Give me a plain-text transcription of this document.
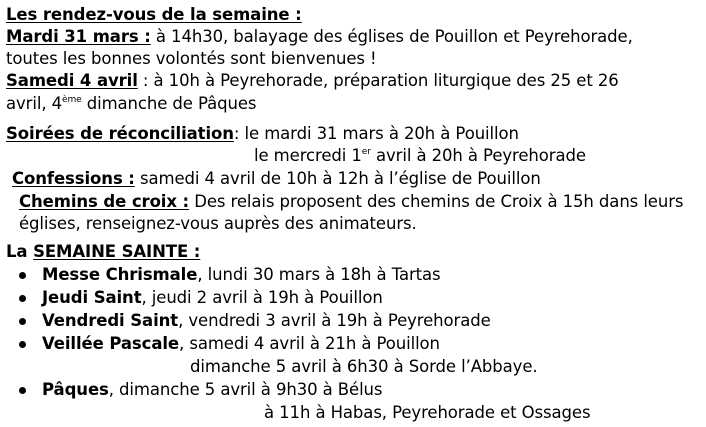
Les rendez-vous de la semaine :
Mardi 31 mars : à 14h30, balayage des églises de Pouillon et Peyrehorade,
toutes les bonnes volontés sont bienvenues !
Samedi 4 avril : à 10h à Peyrehorade, préparation liturgique des 25 et 26
avril, 4ème dimanche de Pâques
Soirées de réconciliation: le mardi 31 mars à 20h à Pouillon
le mercredi 1er avril à 20h à Peyrehorade
Confessions : samedi 4 avril de 10h à 12h à l’église de Pouillon
Chemins de croix : Des relais proposent des chemins de Croix à 15h dans leurs
églises, renseignez-vous auprès des animateurs.
La SEMAINE SAINTE :
Messe Chrismale, lundi 30 mars à 18h à Tartas
Jeudi Saint, jeudi 2 avril à 19h à Pouillon
Vendredi Saint, vendredi 3 avril à 19h à Peyrehorade
Veillée Pascale, samedi 4 avril à 21h à Pouillon
dimanche 5 avril à 6h30 à Sorde l’Abbaye.
Pâques, dimanche 5 avril à 9h30 à Bélus
à 11h à Habas, Peyrehorade et Ossages
